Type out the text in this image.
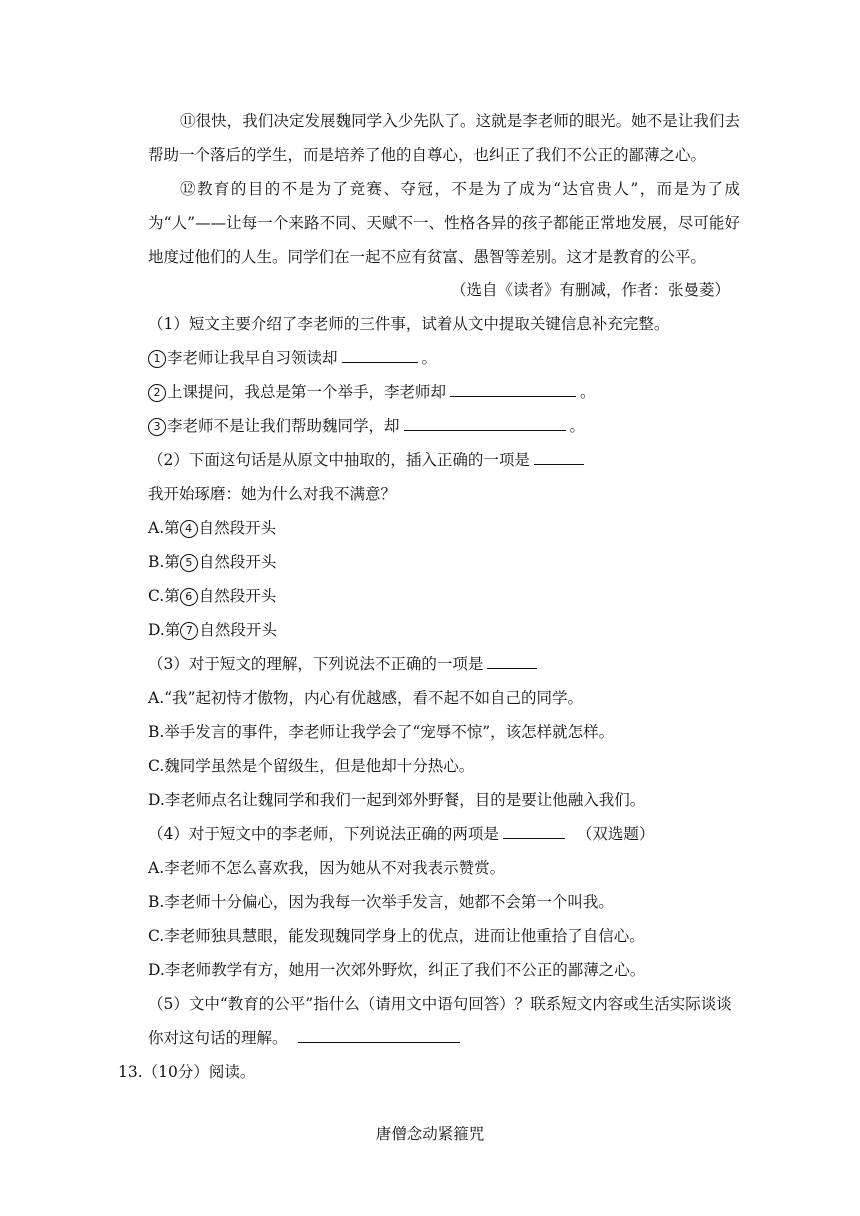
⑪很快，我们决定发展魏同学入少先队了。这就是李老师的眼光。她不是让我们去帮助一个落后的学生，而是培养了他的自尊心，也纠正了我们不公正的鄙薄之心。
⑫教育的目的不是为了竞赛、夺冠，不是为了成为“达官贵人”，而是为了成为“人”——让每一个来路不同、天赋不一、性格各异的孩子都能正常地发展，尽可能好地度过他们的人生。同学们在一起不应有贫富、愚智等差别。这才是教育的公平。
（选自《读者》有删减，作者：张曼菱）
（1）短文主要介绍了李老师的三件事，试着从文中提取关键信息补充完整。
1 李老师让我早自习领读却	。
2 上课提问，我总是第一个举手，李老师却	。
3 李老师不是让我们帮助魏同学，却	。
（2）下面这句话是从原文中抽取的，插入正确的一项是
我开始琢磨：她为什么对我不满意？
A.第 4 自然段开头
B.第 5 自然段开头
C.第 6 自然段开头
D.第 7 自然段开头
（3）对于短文的理解，下列说法不正确的一项是
A.“我”起初恃才傲物，内心有优越感，看不起不如自己的同学。
B.举手发言的事件，李老师让我学会了“宠辱不惊”，该怎样就怎样。
C.魏同学虽然是个留级生，但是他却十分热心。
D.李老师点名让魏同学和我们一起到郊外野餐，目的是要让他融入我们。
（4）对于短文中的李老师，下列说法正确的两项是	（双选题）
A.李老师不怎么喜欢我，因为她从不对我表示赞赏。
B.李老师十分偏心，因为我每一次举手发言，她都不会第一个叫我。
C.李老师独具慧眼，能发现魏同学身上的优点，进而让他重拾了自信心。
D.李老师教学有方，她用一次郊外野炊，纠正了我们不公正的鄙薄之心。
（5）文中“教育的公平”指什么（请用文中语句回答）？联系短文内容或生活实际谈谈
你对这句话的理解。
13.（10分）阅读。
唐僧念动紧箍咒
